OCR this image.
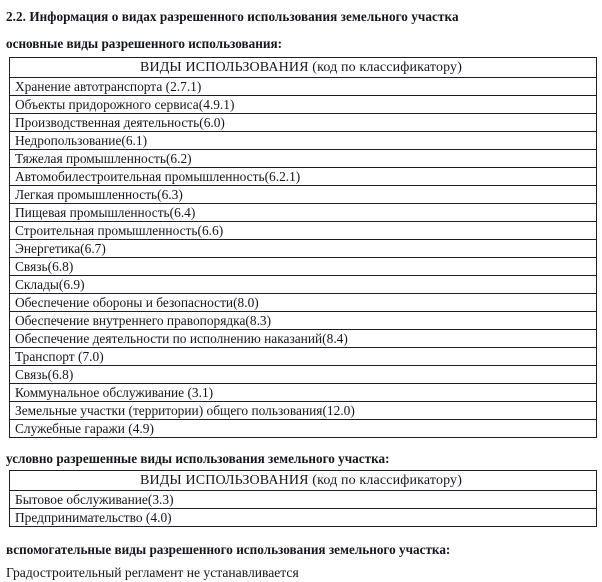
2.2. Информация о видах разрешенного использования земельного участка
основные виды разрешенного использования:
ВИДЫ ИСПОЛЬЗОВАНИЯ (код по классификатору)

Хранение автотранспорта (2.7.1)

Объекты придорожного сервиса(4.9.1)

Производственная деятельность(6.0)

Недропользование(6.1)

Тяжелая промышленность(6.2)

Автомобилестроительная промышленность(6.2.1)

Легкая промышленность(6.3)

Пищевая промышленность(6.4)

Строительная промышленность(6.6)

Энергетика(6.7)

Связь(6.8)

Склады(6.9)

Обеспечение обороны и безопасности(8.0)

Обеспечение внутреннего правопорядка(8.3)

Обеспечение деятельности по исполнению наказаний(8.4)

Транспорт (7.0)

Связь(6.8)

Коммунальное обслуживание (3.1)

Земельные участки (территории) общего пользования(12.0)

Служебные гаражи (4.9)
условно разрешенные виды использования земельного участка:
ВИДЫ ИСПОЛЬЗОВАНИЯ (код по классификатору)

Бытовое обслуживание(3.3)

Предпринимательство (4.0)
вспомогательные виды разрешенного использования земельного участка:

Градостроительный регламент не устанавливается
